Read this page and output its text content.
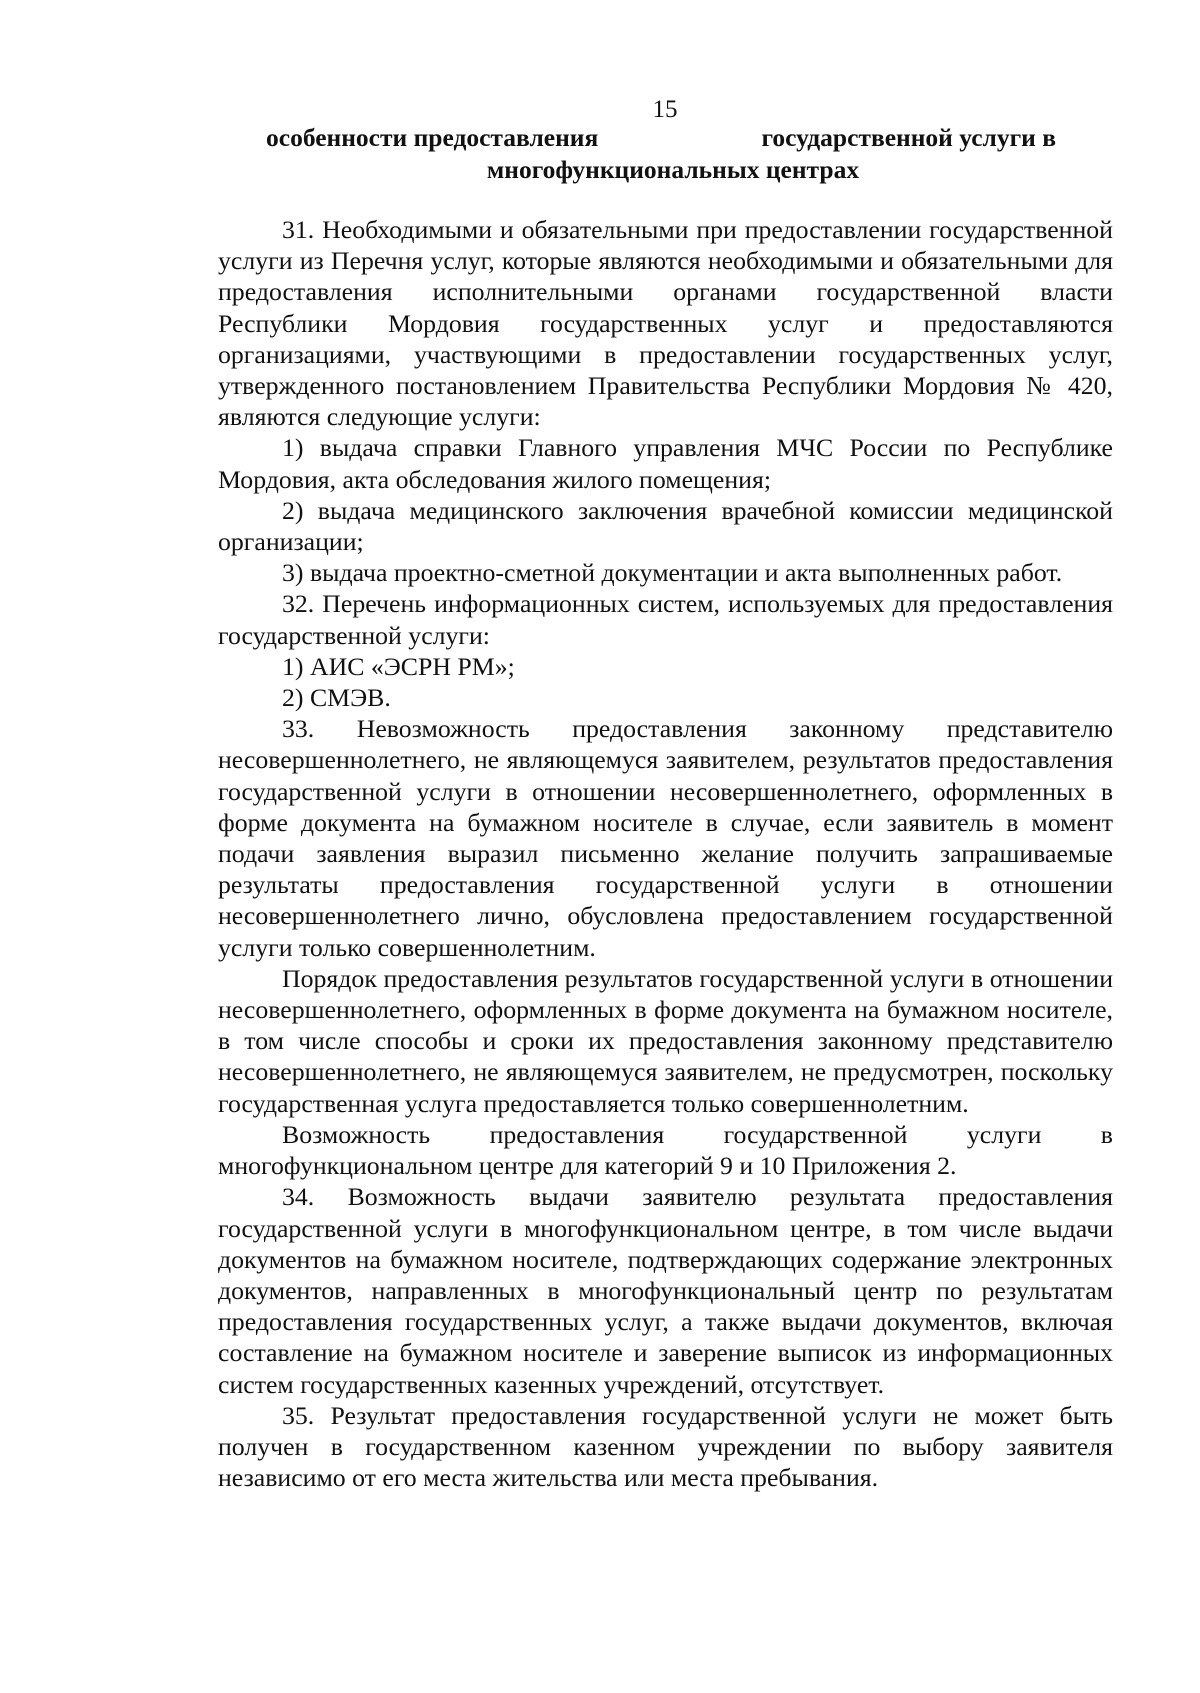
15
особенности предоставления	государственной услуги в
многофункциональных центрах

31. Необходимыми и обязательными при предоставлении государственной услуги из Перечня услуг, которые являются необходимыми и обязательными для предоставления исполнительными органами государственной власти Республики Мордовия государственных услуг и предоставляются организациями, участвующими в предоставлении государственных услуг, утвержденного постановлением Правительства Республики Мордовия № 420, являются следующие услуги:

1) выдача справки Главного управления МЧС России по Республике Мордовия, акта обследования жилого помещения;

2) выдача медицинского заключения врачебной комиссии медицинской организации;

3) выдача проектно-сметной документации и акта выполненных работ.

32. Перечень информационных систем, используемых для предоставления государственной услуги:

1) АИС «ЭСРН РМ»;

2) СМЭВ.

33. Невозможность предоставления законному представителю несовершеннолетнего, не являющемуся заявителем, результатов предоставления государственной услуги в отношении несовершеннолетнего, оформленных в форме документа на бумажном носителе в случае, если заявитель в момент подачи заявления выразил письменно желание получить запрашиваемые результаты предоставления государственной услуги в отношении несовершеннолетнего лично, обусловлена предоставлением государственной услуги только совершеннолетним.

Порядок предоставления результатов государственной услуги в отношении несовершеннолетнего, оформленных в форме документа на бумажном носителе, в том числе способы и сроки их предоставления законному представителю несовершеннолетнего, не являющемуся заявителем, не предусмотрен, поскольку государственная услуга предоставляется только совершеннолетним.

Возможность предоставления государственной услуги в многофункциональном центре для категорий 9 и 10 Приложения 2.

34. Возможность выдачи заявителю результата предоставления государственной услуги в многофункциональном центре, в том числе выдачи документов на бумажном носителе, подтверждающих содержание электронных документов, направленных в многофункциональный центр по результатам предоставления государственных услуг, а также выдачи документов, включая составление на бумажном носителе и заверение выписок из информационных систем государственных казенных учреждений, отсутствует.

35. Результат предоставления государственной услуги не может быть получен в государственном казенном учреждении по выбору заявителя независимо от его места жительства или места пребывания.
